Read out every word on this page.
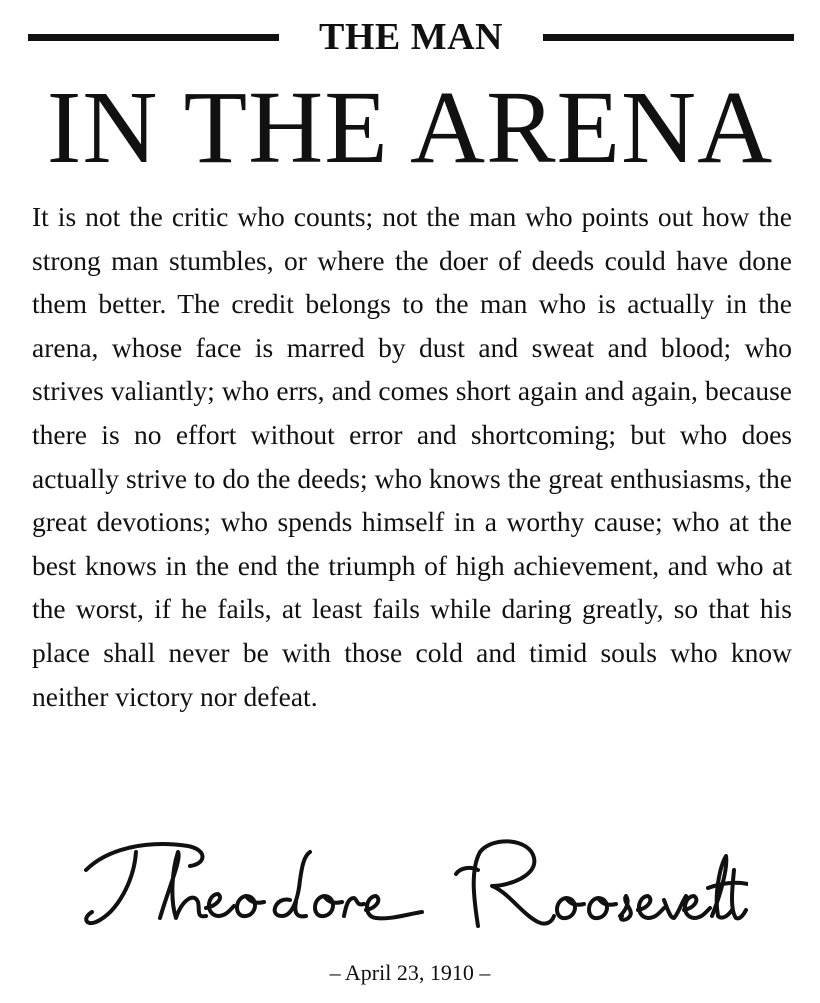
THE MAN
IN THE ARENA

It is not the critic who counts; not the man who points out how the strong man stumbles, or where the doer of deeds could have done them better. The credit belongs to the man who is actually in the arena, whose face is marred by dust and sweat and blood; who strives valiantly; who errs, and comes short again and again, because there is no effort without error and shortcoming; but who does actually strive to do the deeds; who knows the great enthusiasms, the great devotions; who spends himself in a worthy cause; who at the best knows in the end the triumph of high achievement, and who at the worst, if he fails, at least fails while daring greatly, so that his place shall never be with those cold and timid souls who know neither victory nor defeat.

– April 23, 1910 –
